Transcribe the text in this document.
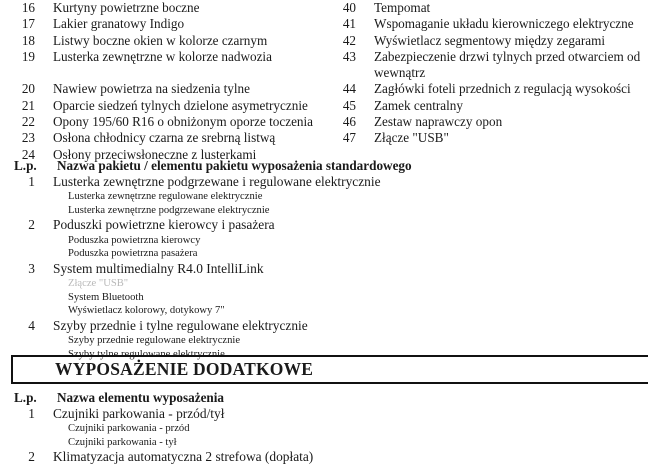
16	Kurtyny powietrzne boczne
17	Lakier granatowy Indigo
18	Listwy boczne okien w kolorze czarnym
19	Lusterka zewnętrzne w kolorze nadwozia
20	Nawiew powietrza na siedzenia tylne
21	Oparcie siedzeń tylnych dzielone asymetrycznie
22	Opony 195/60 R16 o obniżonym oporze toczenia
23	Osłona chłodnicy czarna ze srebrną listwą
24	Osłony przeciwsłoneczne z lusterkami
40	Tempomat
41	Wspomaganie układu kierowniczego elektryczne
42	Wyświetlacz segmentowy między zegarami
43	Zabezpieczenie drzwi tylnych przed otwarciem od wewnątrz
44	Zagłówki foteli przednich z regulacją wysokości
45	Zamek centralny
46	Zestaw naprawczy opon
47	Złącze "USB"
L.p.	Nazwa pakietu / elementu pakietu wyposażenia standardowego
1	Lusterka zewnętrzne podgrzewane i regulowane elektrycznie
Lusterka zewnętrzne regulowane elektrycznie
Lusterka zewnętrzne podgrzewane elektrycznie
2	Poduszki powietrzne kierowcy i pasażera
Poduszka powietrzna kierowcy
Poduszka powietrzna pasażera
3	System multimedialny R4.0 IntelliLink
Złącze "USB"
System Bluetooth
Wyświetlacz kolorowy, dotykowy 7"
4	Szyby przednie i tylne regulowane elektrycznie
Szyby przednie regulowane elektrycznie
Szyby tylne regulowane elektrycznie
WYPOSAŻENIE DODATKOWE
L.p.	Nazwa elementu wyposażenia
1	Czujniki parkowania - przód/tył
Czujniki parkowania - przód
Czujniki parkowania - tył
2	Klimatyzacja automatyczna 2 strefowa (dopłata)
